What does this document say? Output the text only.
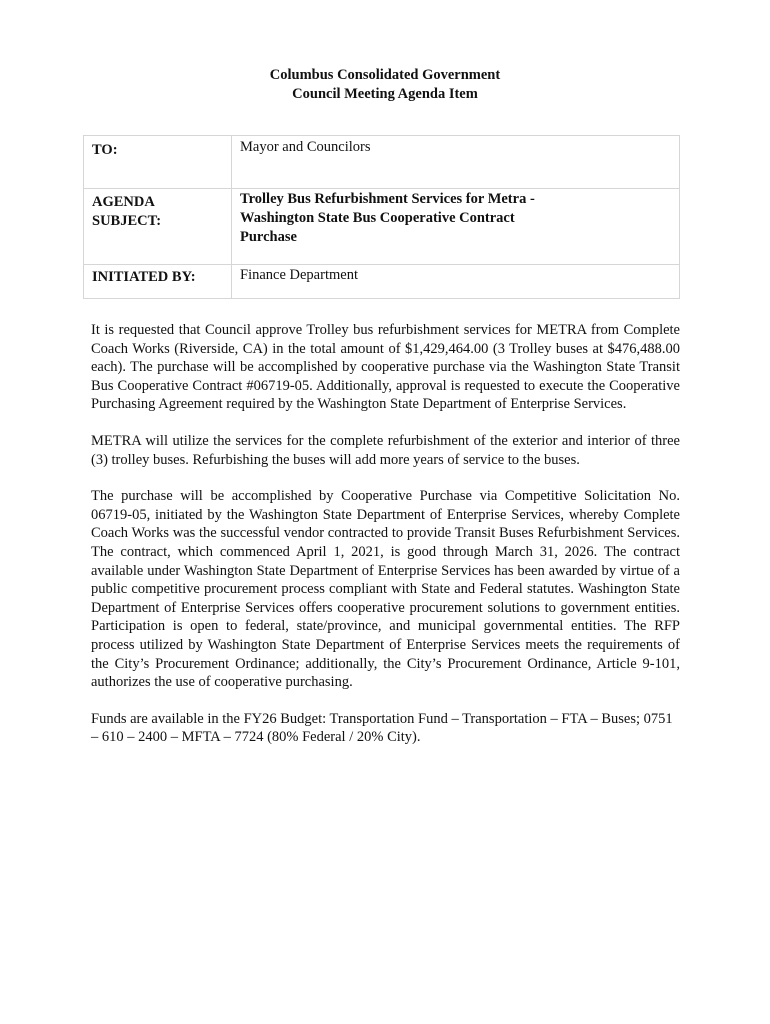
Columbus Consolidated Government
Council Meeting Agenda Item
TO:	Mayor and Councilors

AGENDA
SUBJECT:	Trolley Bus Refurbishment Services for Metra -
Washington State Bus Cooperative Contract
Purchase

INITIATED BY:	Finance Department

It is requested that Council approve Trolley bus refurbishment services for METRA from Complete Coach Works (Riverside, CA) in the total amount of $1,429,464.00 (3 Trolley buses at $476,488.00 each). The purchase will be accomplished by cooperative purchase via the Washington State Transit Bus Cooperative Contract #06719-05. Additionally, approval is requested to execute the Cooperative Purchasing Agreement required by the Washington State Department of Enterprise Services.

METRA will utilize the services for the complete refurbishment of the exterior and interior of three (3) trolley buses. Refurbishing the buses will add more years of service to the buses.

The purchase will be accomplished by Cooperative Purchase via Competitive Solicitation No. 06719-05, initiated by the Washington State Department of Enterprise Services, whereby Complete Coach Works was the successful vendor contracted to provide Transit Buses Refurbishment Services. The contract, which commenced April 1, 2021, is good through March 31, 2026. The contract available under Washington State Department of Enterprise Services has been awarded by virtue of a public competitive procurement process compliant with State and Federal statutes. Washington State Department of Enterprise Services offers cooperative procurement solutions to government entities. Participation is open to federal, state/province, and municipal governmental entities. The RFP process utilized by Washington State Department of Enterprise Services meets the requirements of the City’s Procurement Ordinance; additionally, the City’s Procurement Ordinance, Article 9-101, authorizes the use of cooperative purchasing.

Funds are available in the FY26 Budget: Transportation Fund – Transportation – FTA – Buses; 0751 – 610 – 2400 – MFTA – 7724 (80% Federal / 20% City).
